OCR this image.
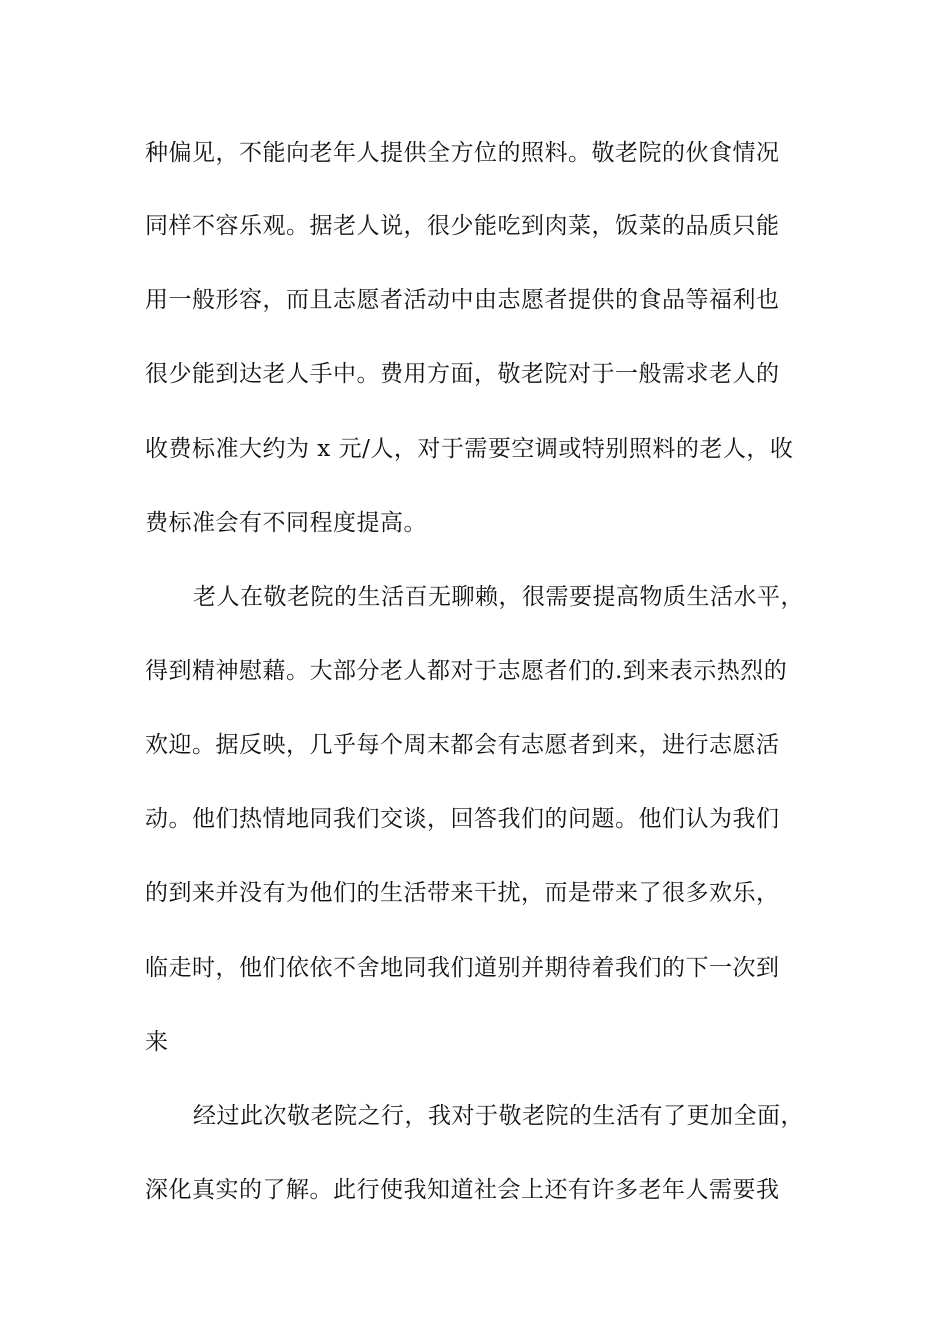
种偏见，不能向老年人提供全方位的照料。敬老院的伙食情况
同样不容乐观。据老人说，很少能吃到肉菜，饭菜的品质只能
用一般形容，而且志愿者活动中由志愿者提供的食品等福利也
很少能到达老人手中。费用方面，敬老院对于一般需求老人的
收费标准大约为 x 元/人，对于需要空调或特别照料的老人，收
费标准会有不同程度提高。
老人在敬老院的生活百无聊赖，很需要提高物质生活水平，
得到精神慰藉。大部分老人都对于志愿者们的.到来表示热烈的
欢迎。据反映，几乎每个周末都会有志愿者到来，进行志愿活
动。他们热情地同我们交谈，回答我们的问题。他们认为我们
的到来并没有为他们的生活带来干扰，而是带来了很多欢乐，
临走时，他们依依不舍地同我们道别并期待着我们的下一次到
来
经过此次敬老院之行，我对于敬老院的生活有了更加全面，
深化真实的了解。此行使我知道社会上还有许多老年人需要我
